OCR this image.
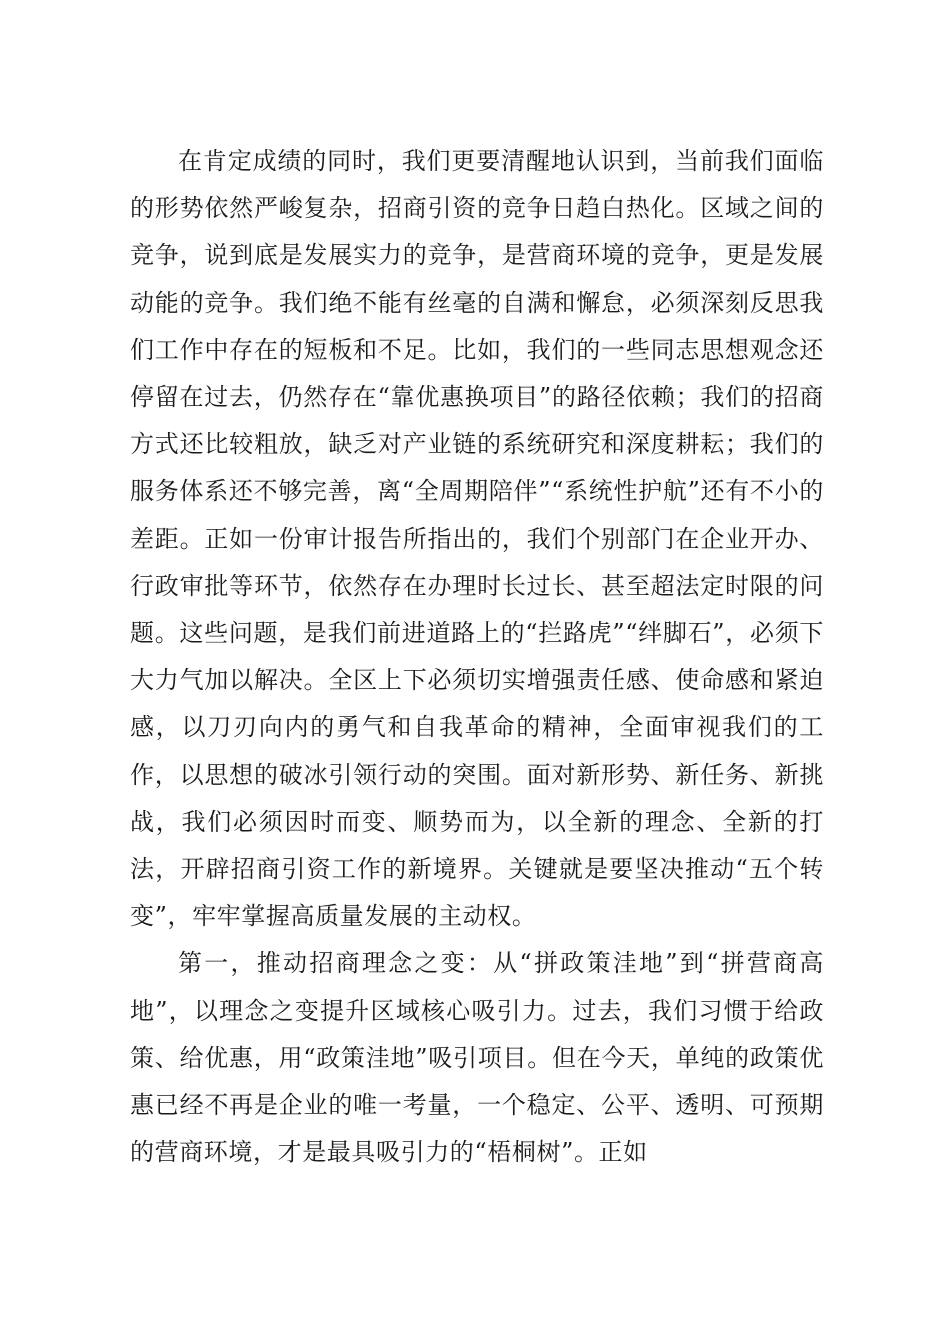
在肯定成绩的同时，我们更要清醒地认识到，当前我们面临的形势依然严峻复杂，招商引资的竞争日趋白热化。区域之间的竞争，说到底是发展实力的竞争，是营商环境的竞争，更是发展动能的竞争。我们绝不能有丝毫的自满和懈怠，必须深刻反思我们工作中存在的短板和不足。比如，我们的一些同志思想观念还停留在过去，仍然存在“靠优惠换项目”的路径依赖；我们的招商方式还比较粗放，缺乏对产业链的系统研究和深度耕耘；我们的服务体系还不够完善，离“全周期陪伴”“系统性护航”还有不小的差距。正如一份审计报告所指出的，我们个别部门在企业开办、行政审批等环节，依然存在办理时长过长、甚至超法定时限的问题。这些问题，是我们前进道路上的“拦路虎”“绊脚石”，必须下大力气加以解决。全区上下必须切实增强责任感、使命感和紧迫感，以刀刃向内的勇气和自我革命的精神，全面审视我们的工作，以思想的破冰引领行动的突围。面对新形势、新任务、新挑战，我们必须因时而变、顺势而为，以全新的理念、全新的打法，开辟招商引资工作的新境界。关键就是要坚决推动“五个转变”，牢牢掌握高质量发展的主动权。

第一，推动招商理念之变：从“拼政策洼地”到“拼营商高地”，以理念之变提升区域核心吸引力。过去，我们习惯于给政策、给优惠，用“政策洼地”吸引项目。但在今天，单纯的政策优惠已经不再是企业的唯一考量，一个稳定、公平、透明、可预期的营商环境，才是最具吸引力的“梧桐树”。正如
